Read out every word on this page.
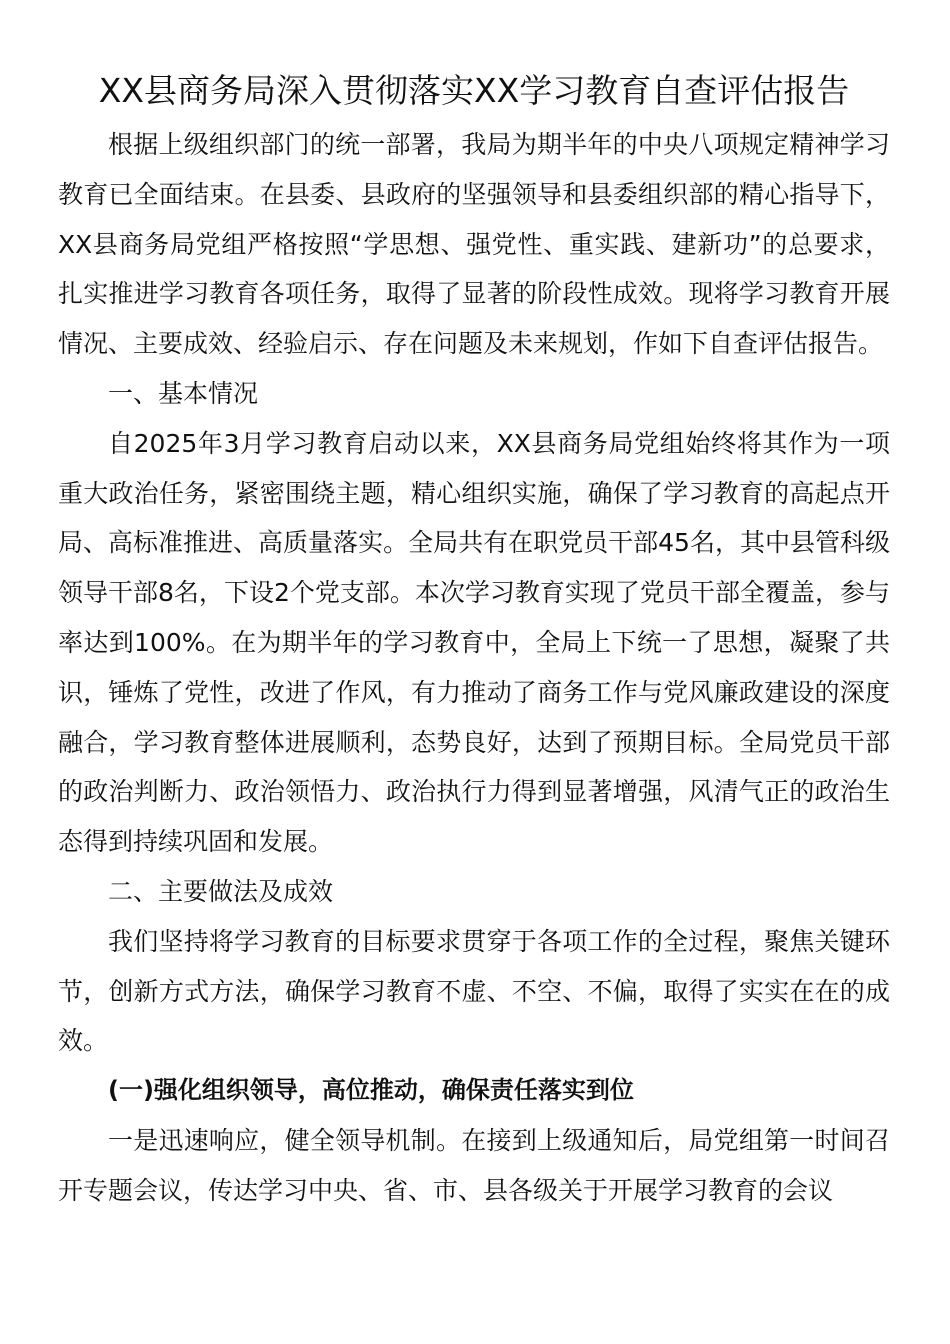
XX县商务局深入贯彻落实XX学习教育自查评估报告

根据上级组织部门的统一部署，我局为期半年的中央八项规定精神学习教育已全面结束。在县委、县政府的坚强领导和县委组织部的精心指导下，XX县商务局党组严格按照“学思想、强党性、重实践、建新功”的总要求，扎实推进学习教育各项任务，取得了显著的阶段性成效。现将学习教育开展情况、主要成效、经验启示、存在问题及未来规划，作如下自查评估报告。

一、基本情况

自2025年3月学习教育启动以来，XX县商务局党组始终将其作为一项重大政治任务，紧密围绕主题，精心组织实施，确保了学习教育的高起点开局、高标准推进、高质量落实。全局共有在职党员干部45名，其中县管科级领导干部8名，下设2个党支部。本次学习教育实现了党员干部全覆盖，参与率达到100%。在为期半年的学习教育中，全局上下统一了思想，凝聚了共识，锤炼了党性，改进了作风，有力推动了商务工作与党风廉政建设的深度融合，学习教育整体进展顺利，态势良好，达到了预期目标。全局党员干部的政治判断力、政治领悟力、政治执行力得到显著增强，风清气正的政治生态得到持续巩固和发展。

二、主要做法及成效

我们坚持将学习教育的目标要求贯穿于各项工作的全过程，聚焦关键环节，创新方式方法，确保学习教育不虚、不空、不偏，取得了实实在在的成效。

(一)强化组织领导，高位推动，确保责任落实到位

一是迅速响应，健全领导机制。在接到上级通知后，局党组第一时间召开专题会议，传达学习中央、省、市、县各级关于开展学习教育的会议
